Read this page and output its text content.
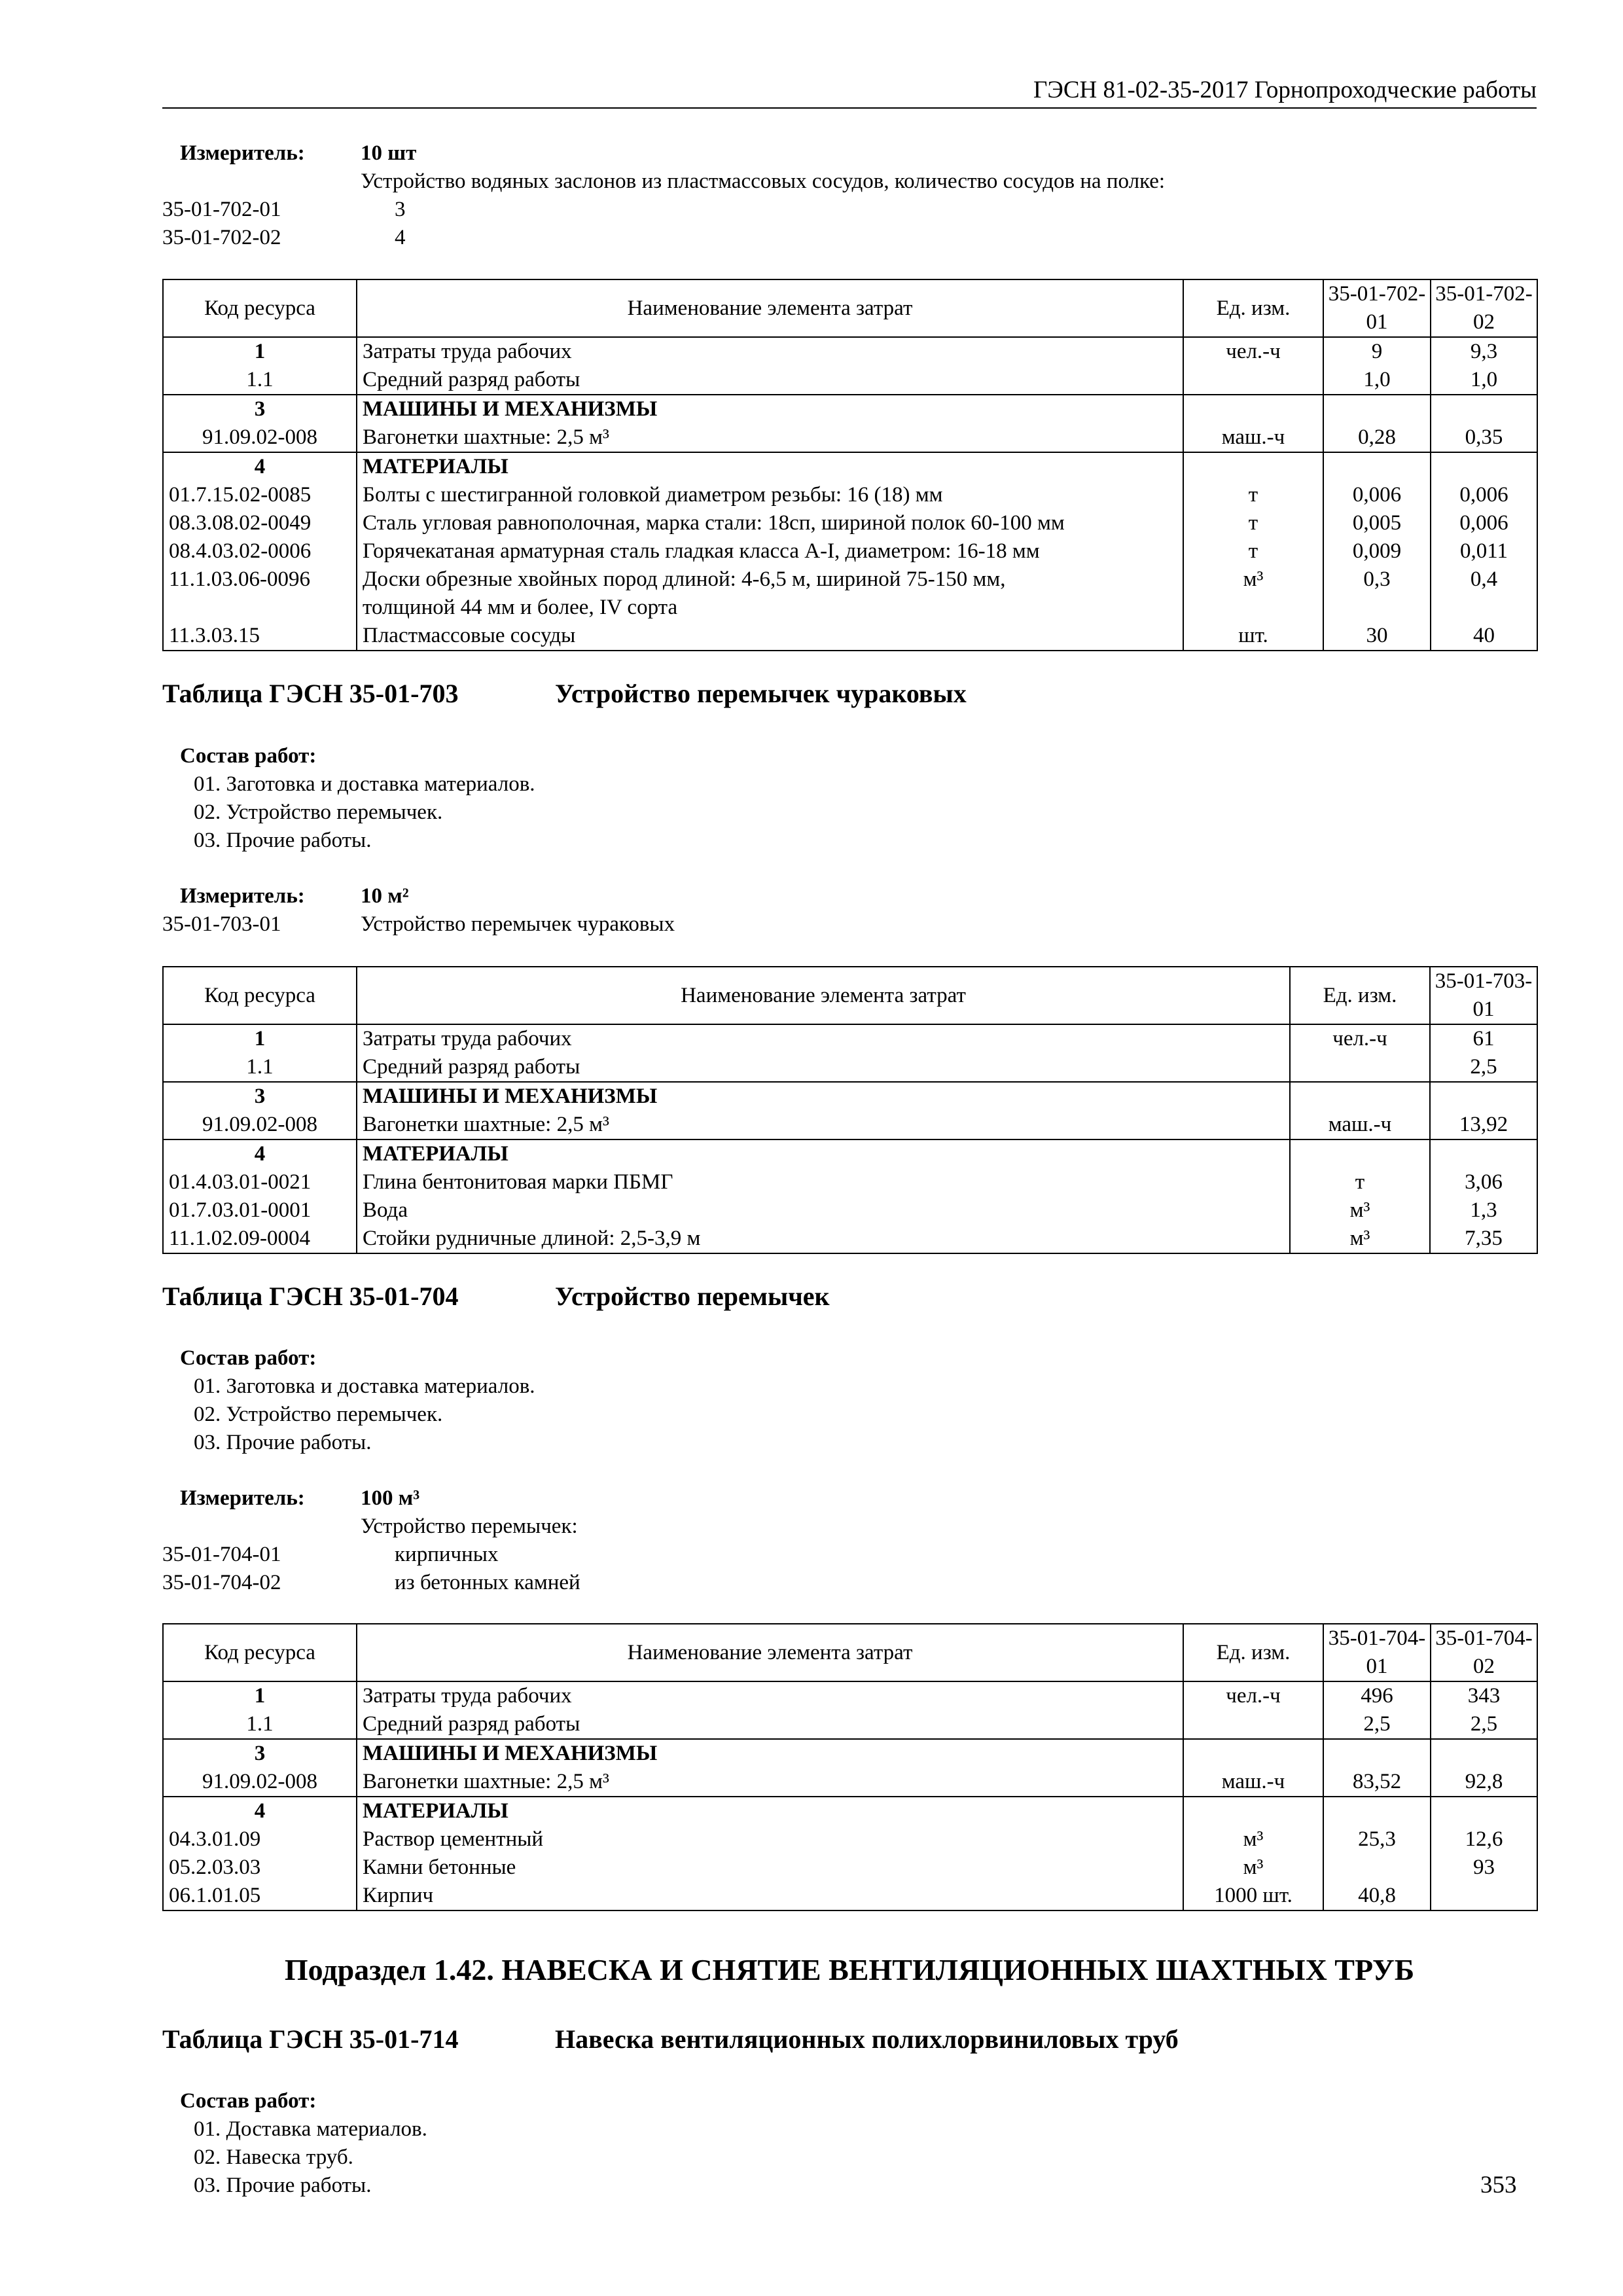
ГЭСН 81-02-35-2017 Горнопроходческие работы
Измеритель:	10 шт
Устройство водяных заслонов из пластмассовых сосудов, количество сосудов на полке:
35-01-702-01	3
35-01-702-02	4
Код ресурса	Наименование элемента затрат	Ед. изм.	35-01-702-01	35-01-702-02
1	Затраты труда рабочих	чел.-ч	9	9,3
1.1	Средний разряд работы		1,0	1,0
3	МАШИНЫ И МЕХАНИЗМЫ			
91.09.02-008	Вагонетки шахтные: 2,5 м³	маш.-ч	0,28	0,35
4	МАТЕРИАЛЫ			
01.7.15.02-0085	Болты с шестигранной головкой диаметром резьбы: 16 (18) мм	т	0,006	0,006
08.3.08.02-0049	Сталь угловая равнополочная, марка стали: 18сп, шириной полок 60-100 мм	т	0,005	0,006
08.4.03.02-0006	Горячекатаная арматурная сталь гладкая класса А-I, диаметром: 16-18 мм	т	0,009	0,011
11.1.03.06-0096	Доски обрезные хвойных пород длиной: 4-6,5 м, шириной 75-150 мм,	м³	0,3	0,4
	толщиной 44 мм и более, IV сорта			
11.3.03.15	Пластмассовые сосуды	шт.	30	40
Таблица ГЭСН 35-01-703	Устройство перемычек чураковых
Состав работ:
01. Заготовка и доставка материалов.
02. Устройство перемычек.
03. Прочие работы.
Измеритель:	10 м²
35-01-703-01	Устройство перемычек чураковых
Код ресурса	Наименование элемента затрат	Ед. изм.	35-01-703-01
1	Затраты труда рабочих	чел.-ч	61
1.1	Средний разряд работы		2,5
3	МАШИНЫ И МЕХАНИЗМЫ		
91.09.02-008	Вагонетки шахтные: 2,5 м³	маш.-ч	13,92
4	МАТЕРИАЛЫ		
01.4.03.01-0021	Глина бентонитовая марки ПБМГ	т	3,06
01.7.03.01-0001	Вода	м³	1,3
11.1.02.09-0004	Стойки рудничные длиной: 2,5-3,9 м	м³	7,35
Таблица ГЭСН 35-01-704	Устройство перемычек
Состав работ:
01. Заготовка и доставка материалов.
02. Устройство перемычек.
03. Прочие работы.
Измеритель:	100 м³
Устройство перемычек:
35-01-704-01	кирпичных
35-01-704-02	из бетонных камней
Код ресурса	Наименование элемента затрат	Ед. изм.	35-01-704-01	35-01-704-02
1	Затраты труда рабочих	чел.-ч	496	343
1.1	Средний разряд работы		2,5	2,5
3	МАШИНЫ И МЕХАНИЗМЫ			
91.09.02-008	Вагонетки шахтные: 2,5 м³	маш.-ч	83,52	92,8
4	МАТЕРИАЛЫ			
04.3.01.09	Раствор цементный	м³	25,3	12,6
05.2.03.03	Камни бетонные	м³		93
06.1.01.05	Кирпич	1000 шт.	40,8	
Подраздел 1.42. НАВЕСКА И СНЯТИЕ ВЕНТИЛЯЦИОННЫХ ШАХТНЫХ ТРУБ
Таблица ГЭСН 35-01-714	Навеска вентиляционных полихлорвиниловых труб
Состав работ:
01. Доставка материалов.
02. Навеска труб.
03. Прочие работы.	353
